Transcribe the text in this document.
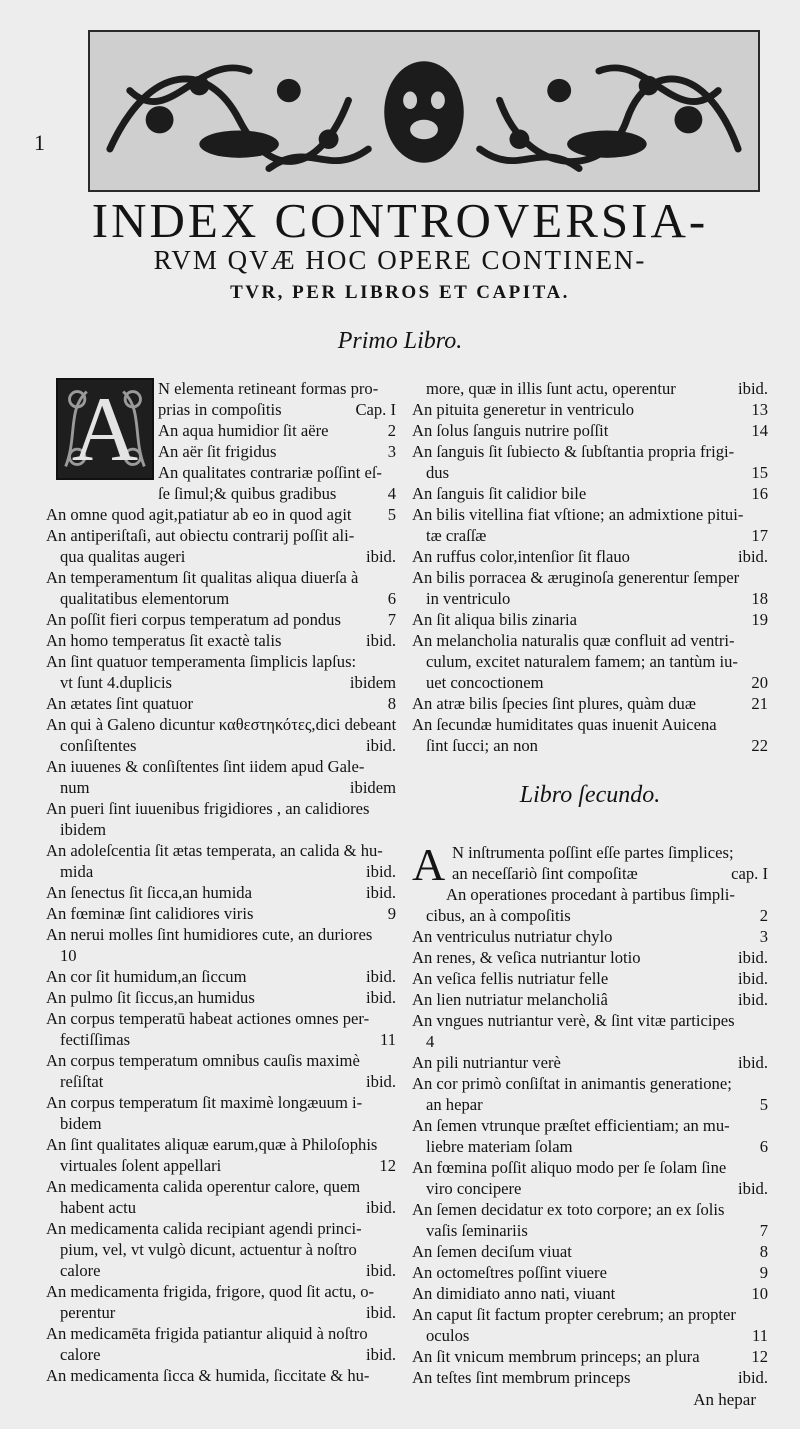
1
INDEX CONTROVERSIA-
RVM QVÆ HOC OPERE CONTINEN-
TVR, PER LIBROS ET CAPITA.
Primo Libro.
A	N elementa retineant formas pro-
prias in compoſitis	Cap. I
An aqua humidior ſit aëre	2
An aër ſit frigidus	3
An qualitates contrariæ poſſint eſ-
ſe ſimul;& quibus gradibus	4
An omne quod agit,patiatur ab eo in quod agit 5
An antiperiſtaſi, aut obiectu contrarij poſſit ali-
qua qualitas augeri	ibid.
An temperamentum ſit qualitas aliqua diuerſa à
qualitatibus elementorum	6
An poſſit fieri corpus temperatum ad pondus	7
An homo temperatus ſit exactè talis	ibid.
An ſint quatuor temperamenta ſimplicis lapſus:
vt ſunt 4.duplicis	ibidem
An ætates ſint quatuor	8
An qui à Galeno dicuntur καθεστηκότες,dici debeant
conſiſtentes	ibid.
An iuuenes & conſiſtentes ſint iidem apud Gale-
num	ibidem
An pueri ſint iuuenibus frigidiores , an calidiores
ibidem
An adoleſcentia ſit ætas temperata, an calida & hu-
mida	ibid.
An ſenectus ſit ſicca,an humida	ibid.
An fœminæ ſint calidiores viris	9
An nerui molles ſint humidiores cute, an duriores
10
An cor ſit humidum,an ſiccum	ibid.
An pulmo ſit ſiccus,an humidus	ibid.
An corpus temperatū habeat actiones omnes per-
fectiſſimas	11
An corpus temperatum omnibus cauſis maximè
reſiſtat	ibid.
An corpus temperatum ſit maximè longæuum i-
bidem
An ſint qualitates aliquæ earum,quæ à Philoſophis
virtuales ſolent appellari	12
An medicamenta calida operentur calore, quem
habent actu	ibid.
An medicamenta calida recipiant agendi princi-
pium, vel, vt vulgò dicunt, actuentur à noſtro
calore	ibid.
An medicamenta frigida, frigore, quod ſit actu, o-
perentur	ibid.
An medicamēta frigida patiantur aliquid à noſtro
calore	ibid.
An medicamenta ſicca & humida, ſiccitate & hu-
more, quæ in illis ſunt actu, operentur	ibid.
An pituita generetur in ventriculo	13
An ſolus ſanguis nutrire poſſit	14
An ſanguis ſit ſubiecto & ſubſtantia propria frigi-
dus	15
An ſanguis ſit calidior bile	16
An bilis vitellina fiat vſtione; an admixtione pitui-
tæ craſſæ	17
An ruffus color,intenſior ſit flauo	ibid.
An bilis porracea & æruginoſa generentur ſemper
in ventriculo	18
An ſit aliqua bilis zinaria	19
An melancholia naturalis quæ confluit ad ventri-
culum, excitet naturalem famem; an tantùm iu-
uet concoctionem	20
An atræ bilis ſpecies ſint plures, quàm duæ	21
An ſecundæ humiditates quas inuenit Auicena
ſint ſucci; an non	22
Libro ſecundo.
A N inſtrumenta poſſint eſſe partes ſimplices;
an neceſſariò ſint compoſitæ	cap. I
An operationes procedant à partibus ſimpli-
cibus, an à compoſitis	2
An ventriculus nutriatur chylo	3
An renes, & veſica nutriantur lotio	ibid.
An veſica fellis nutriatur felle	ibid.
An lien nutriatur melancholiâ	ibid.
An vngues nutriantur verè, & ſint vitæ participes
4
An pili nutriantur verè	ibid.
An cor primò conſiſtat in animantis generatione;
an hepar	5
An ſemen vtrunque præſtet efficientiam; an mu-
liebre materiam ſolam	6
An fœmina poſſit aliquo modo per ſe ſolam ſine
viro concipere	ibid.
An ſemen decidatur ex toto corpore; an ex ſolis
vaſis ſeminariis	7
An ſemen deciſum viuat	8
An octomeſtres poſſint viuere	9
An dimidiato anno nati, viuant	10
An caput ſit factum propter cerebrum; an propter
oculos	11
An ſit vnicum membrum princeps; an plura	12
An teſtes ſint membrum princeps	ibid.
An hepar
